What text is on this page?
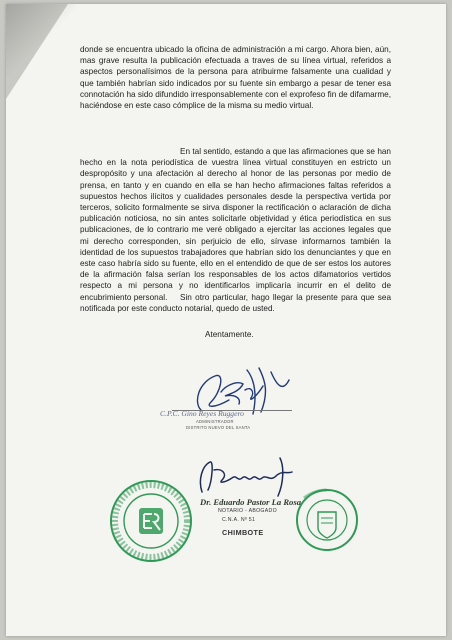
donde se encuentra ubicado la oficina de administración a mi cargo. Ahora bien, aún, mas grave resulta la publicación efectuada a traves de su línea virtual, referidos a aspectos personalísimos de la persona para atribuirme falsamente una cualidad y que también habrían sido indicados por su fuente sin embargo a pesar de tener esa connotación ha sido difundido irresponsablemente con el exprofeso fin de difamarme, haciéndose en este caso cómplice de la misma su medio virtual.

En tal sentido, estando a que las afirmaciones que se han hecho en la nota periodística de vuestra línea virtual constituyen en estricto un despropósito y una afectación al derecho al honor de las personas por medio de prensa, en tanto y en cuando en ella se han hecho afirmaciones faltas referidos a supuestos hechos ilícitos y cualidades personales desde la perspectiva vertida por terceros, solicito formalmente se sirva disponer la rectificación o aclaración de dicha publicación noticiosa, no sin antes solicitarle objetividad y ética periodística en sus publicaciones, de lo contrario me veré obligado a ejercitar las acciones legales que mi derecho corresponden, sin perjuicio de ello, sírvase informarnos también la identidad de los supuestos trabajadores que habrían sido los denunciantes y que en este caso habría sido su fuente, ello en el entendido de que de ser estos los autores de la afirmación falsa serían los responsables de los actos difamatorios vertidos respecto a mi persona y no identificarlos implicaría incurrir en el delito de encubrimiento personal.	Sin otro particular, hago llegar la presente para que sea notificada por este conducto notarial, quedo de usted.

Atentamente.
C.P.C. Gino Reyes Ruggero
ADMINISTRADOR
DISTRITO NUEVO DEL SANTA
Dr. Eduardo Pastor La Rosa
NOTARIO - ABOGADO
C.N.A. Nº 51
CHIMBOTE
